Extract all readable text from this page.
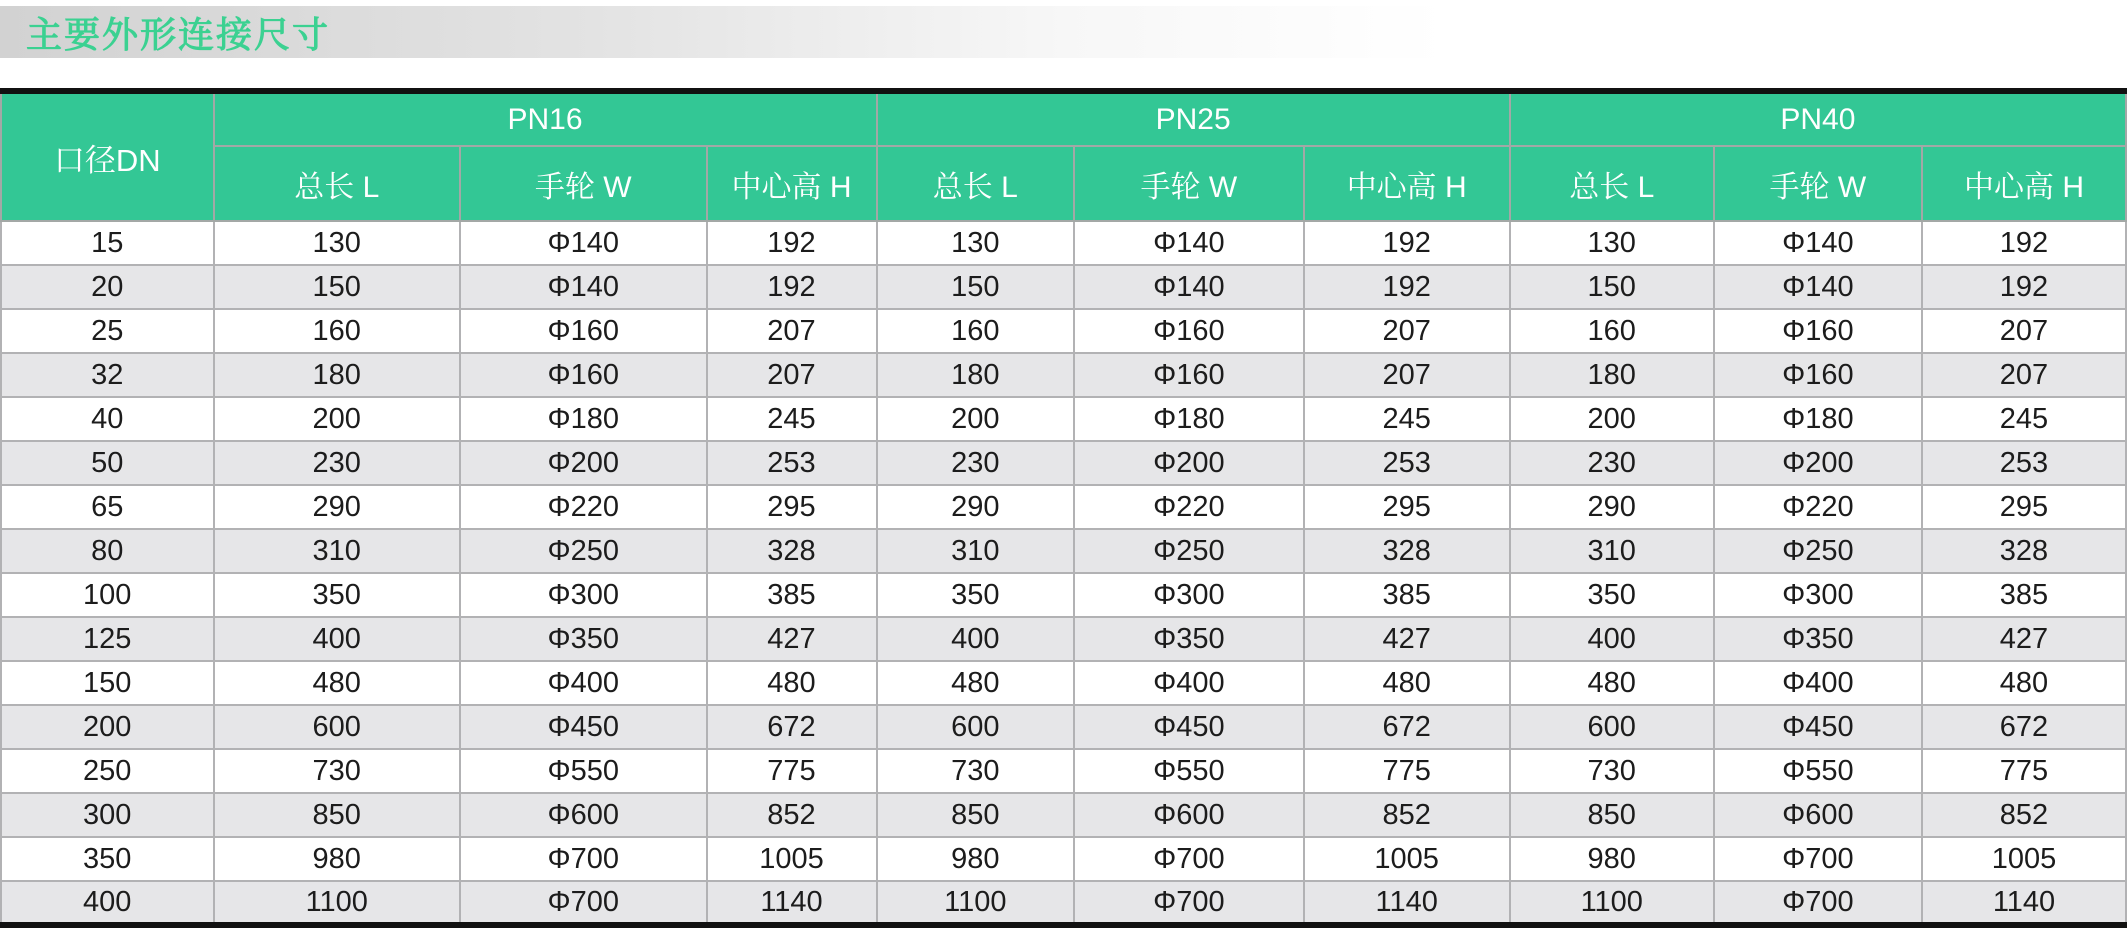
主要外形连接尺寸
口径DN	PN16			PN25			PN40		
	总长 L	手轮 W	中心高 H	总长 L	手轮 W	中心高 H	总长 L	手轮 W	中心高 H
15	130	Φ140	192	130	Φ140	192	130	Φ140	192
20	150	Φ140	192	150	Φ140	192	150	Φ140	192
25	160	Φ160	207	160	Φ160	207	160	Φ160	207
32	180	Φ160	207	180	Φ160	207	180	Φ160	207
40	200	Φ180	245	200	Φ180	245	200	Φ180	245
50	230	Φ200	253	230	Φ200	253	230	Φ200	253
65	290	Φ220	295	290	Φ220	295	290	Φ220	295
80	310	Φ250	328	310	Φ250	328	310	Φ250	328
100	350	Φ300	385	350	Φ300	385	350	Φ300	385
125	400	Φ350	427	400	Φ350	427	400	Φ350	427
150	480	Φ400	480	480	Φ400	480	480	Φ400	480
200	600	Φ450	672	600	Φ450	672	600	Φ450	672
250	730	Φ550	775	730	Φ550	775	730	Φ550	775
300	850	Φ600	852	850	Φ600	852	850	Φ600	852
350	980	Φ700	1005	980	Φ700	1005	980	Φ700	1005
400	1100	Φ700	1140	1100	Φ700	1140	1100	Φ700	1140
